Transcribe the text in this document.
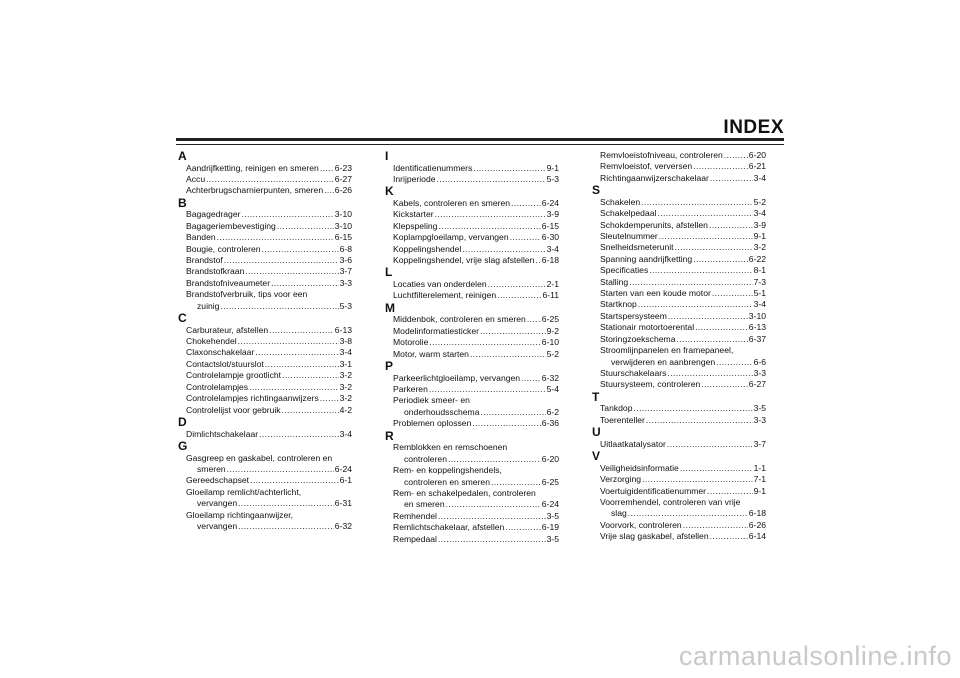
INDEX
A
Aandrijfketting, reinigen en smeren ..... 6-23
Accu .....	6-27
Achterbrugscharnierpunten, smeren ..... 6-26
B
Bagagedrager .....	3-10
Bagageriembevestiging .....	3-10
Banden .....	6-15
Bougie, controleren .....	6-8
Brandstof .....	3-6
Brandstofkraan .....	3-7
Brandstofniveaumeter .....	3-3
Brandstofverbruik, tips voor een
zuinig .....	5-3
C
Carburateur, afstellen .....	6-13
Chokehendel .....	3-8
Claxonschakelaar .....	3-4
Contactslot/stuurslot .....	3-1
Controlelampje grootlicht .....	3-2
Controlelampjes .....	3-2
Controlelampjes richtingaanwijzers ..... 3-2
Controlelijst voor gebruik .....	4-2
D
Dimlichtschakelaar .....	3-4
G
Gasgreep en gaskabel, controleren en
smeren .....	6-24
Gereedschapset .....	6-1
Gloeilamp remlicht/achterlicht,
vervangen .....	6-31
Gloeilamp richtingaanwijzer,
vervangen .....	6-32
I
Identificatienummers .....	9-1
Inrijperiode .....	5-3
K
Kabels, controleren en smeren .....	6-24
Kickstarter .....	3-9
Klepspeling .....	6-15
Koplampgloeilamp, vervangen .....	6-30
Koppelingshendel .....	3-4
Koppelingshendel, vrije slag afstellen ..... 6-18
L
Locaties van onderdelen .....	2-1
Luchtfilterelement, reinigen .....	6-11
M
Middenbok, controleren en smeren ..... 6-25
Modelinformatiesticker .....	9-2
Motorolie .....	6-10
Motor, warm starten .....	5-2
P
Parkeerlichtgloeilamp, vervangen .....	6-32
Parkeren .....	5-4
Periodiek smeer- en
onderhoudsschema .....	6-2
Problemen oplossen .....	6-36
R
Remblokken en remschoenen
controleren .....	6-20
Rem- en koppelingshendels,
controleren en smeren .....	6-25
Rem- en schakelpedalen, controleren
en smeren .....	6-24
Remhendel .....	3-5
Remlichtschakelaar, afstellen .....	6-19
Rempedaal .....	3-5
Remvloeistofniveau, controleren .....	6-20
Remvloeistof, verversen .....	6-21
Richtingaanwijzerschakelaar .....	3-4
S
Schakelen .....	5-2
Schakelpedaal .....	3-4
Schokdemperunits, afstellen .....	3-9
Sleutelnummer .....	9-1
Snelheidsmeterunit .....	3-2
Spanning aandrijfketting .....	6-22
Specificaties .....	8-1
Stalling .....	7-3
Starten van een koude motor .....	5-1
Startknop .....	3-4
Startspersysteem .....	3-10
Stationair motortoerental .....	6-13
Storingzoekschema .....	6-37
Stroomlijnpanelen en framepaneel,
verwijderen en aanbrengen .....	6-6
Stuurschakelaars .....	3-3
Stuursysteem, controleren .....	6-27
T
Tankdop .....	3-5
Toerenteller .....	3-3
U
Uitlaatkatalysator .....	3-7
V
Veiligheidsinformatie .....	1-1
Verzorging .....	7-1
Voertuigidentificatienummer .....	9-1
Voorremhendel, controleren van vrije
slag .....	6-18
Voorvork, controleren .....	6-26
Vrije slag gaskabel, afstellen .....	6-14
carmanualsonline.info
